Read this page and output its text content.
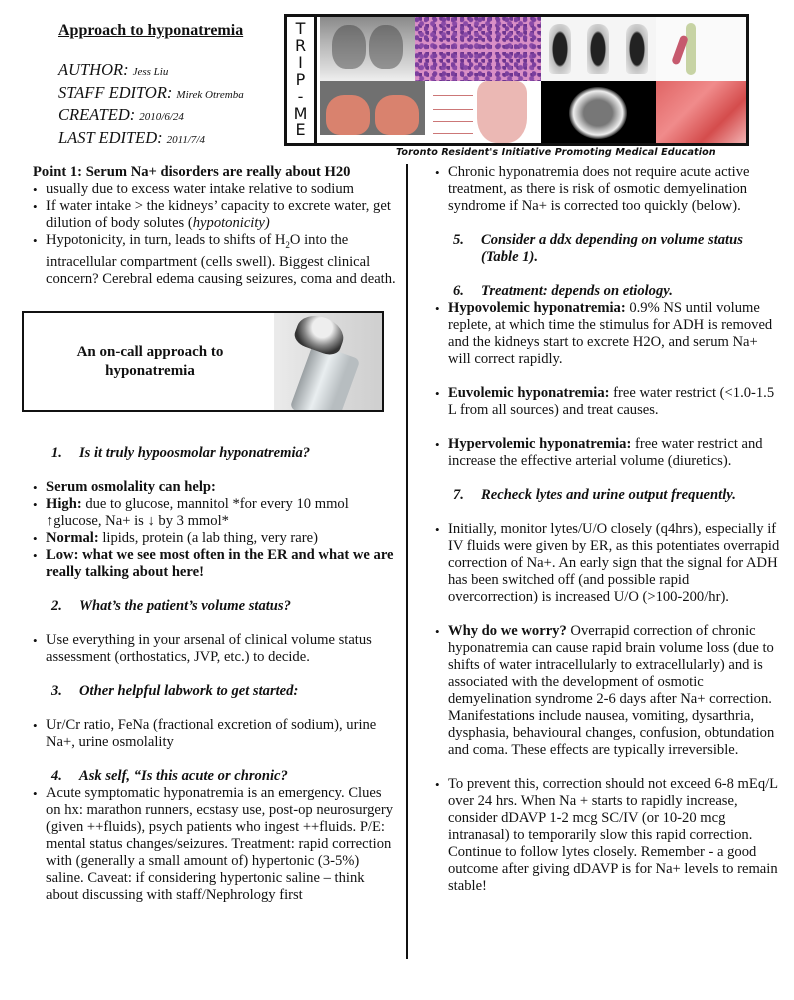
Approach to hyponatremia
AUTHOR: Jess Liu
STAFF EDITOR: Mirek Otremba
CREATED: 2010/6/24
LAST EDITED: 2011/7/4
T
R
I
P
-
M
E
Toronto Resident's Initiative Promoting Medical Education
Point 1: Serum Na+ disorders are really about H20
• usually due to excess water intake relative to sodium
• If water intake > the kidneys’ capacity to excrete water, get dilution of body solutes (hypotonicity)
• Hypotonicity, in turn, leads to shifts of $H_2O$ into the intracellular compartment (cells swell). Biggest clinical concern? Cerebral edema causing seizures, coma and death.
1.	Is it truly hypoosmolar hyponatremia?
• Serum osmolality can help:
• High: due to glucose, mannitol *for every 10 mmol ↑glucose, Na+ is ↓ by 3 mmol*
• Normal: lipids, protein (a lab thing, very rare)
• Low: what we see most often in the ER and what we are really talking about here!
2.	What’s the patient’s volume status?
• Use everything in your arsenal of clinical volume status assessment (orthostatics, JVP, etc.) to decide.
3.	Other helpful labwork to get started:
• Ur/Cr ratio, FeNa (fractional excretion of sodium), urine Na+, urine osmolality
4.	Ask self, “Is this acute or chronic?
• Acute symptomatic hyponatremia is an emergency. Clues on hx: marathon runners, ecstasy use, post-op neurosurgery (given ++fluids), psych patients who ingest ++fluids. P/E: mental status changes/seizures. Treatment: rapid correction with (generally a small amount of) hypertonic (3-5%) saline. Caveat: if considering hypertonic saline – think about discussing with staff/Nephrology first
An on-call approach to
hyponatremia
• Chronic hyponatremia does not require acute active treatment, as there is risk of osmotic demyelination syndrome if Na+ is corrected too quickly (below).
5.	Consider a ddx depending on volume status (Table 1).
6.	Treatment: depends on etiology.
• Hypovolemic hyponatremia: 0.9% NS until volume replete, at which time the stimulus for ADH is removed and the kidneys start to excrete H2O, and serum Na+ will correct rapidly.
• Euvolemic hyponatremia: free water restrict (<1.0-1.5 L from all sources) and treat causes.
• Hypervolemic hyponatremia: free water restrict and increase the effective arterial volume (diuretics).
7.	Recheck lytes and urine output frequently.
• Initially, monitor lytes/U/O closely (q4hrs), especially if IV fluids were given by ER, as this potentiates overrapid correction of Na+. An early sign that the signal for ADH has been switched off (and possible rapid overcorrection) is increased U/O (>100-200/hr).
• Why do we worry? Overrapid correction of chronic hyponatremia can cause rapid brain volume loss (due to shifts of water intracellularly to extracellularly) and is associated with the development of osmotic demyelination syndrome 2-6 days after Na+ correction. Manifestations include nausea, vomiting, dysarthria, dysphasia, behavioural changes, confusion, obtundation and coma. These effects are typically irreversible.
• To prevent this, correction should not exceed 6-8 mEq/L over 24 hrs. When Na + starts to rapidly increase, consider dDAVP 1-2 mcg SC/IV (or 10-20 mcg intranasal) to temporarily slow this rapid correction. Continue to follow lytes closely. Remember - a good outcome after giving dDAVP is for Na+ levels to remain stable!
